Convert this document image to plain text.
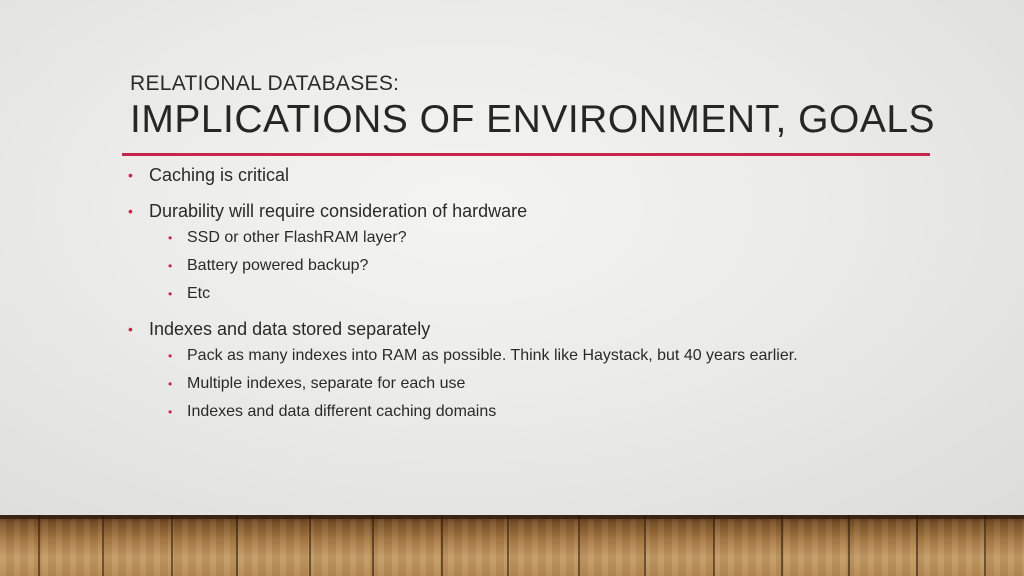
RELATIONAL DATABASES:
IMPLICATIONS OF ENVIRONMENT, GOALS
• Caching is critical
• Durability will require consideration of hardware
• SSD or other FlashRAM layer?
• Battery powered backup?
• Etc
• Indexes and data stored separately
• Pack as many indexes into RAM as possible. Think like Haystack, but 40 years earlier.
• Multiple indexes, separate for each use
• Indexes and data different caching domains
